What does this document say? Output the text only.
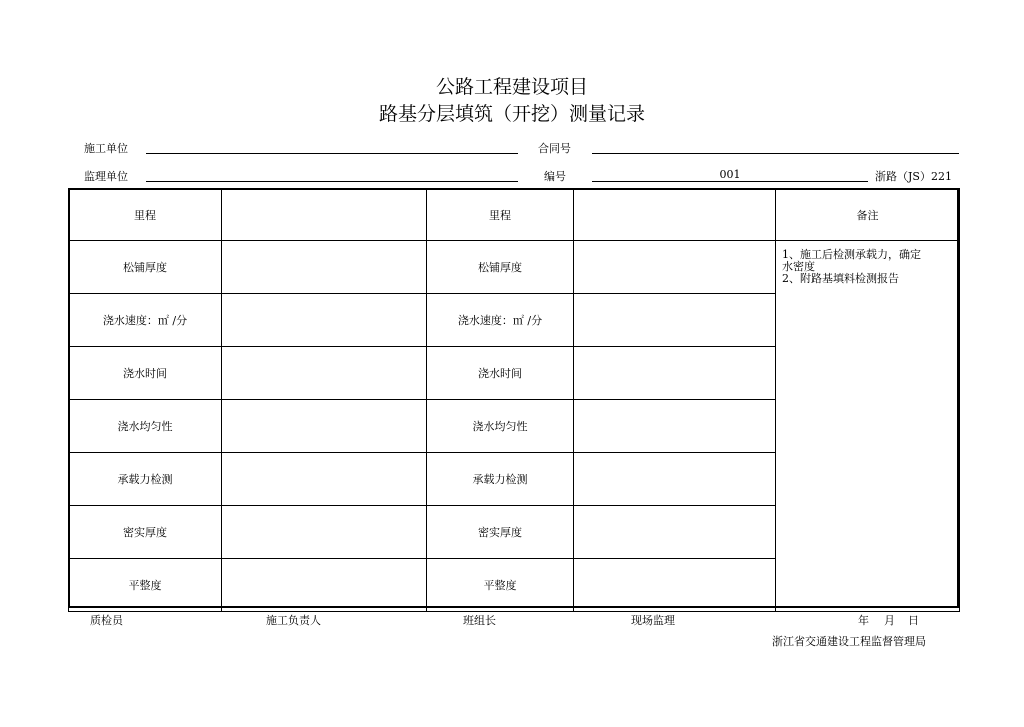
公路工程建设项目
路基分层填筑（开挖）测量记录
施工单位	合同号
监理单位	编号	001	浙路（JS）221
里程		里程		备注
松铺厚度		松铺厚度		1、施工后检测承载力，确定
水密度
2、附路基填料检测报告

浇水速度：㎡ /分		浇水速度：㎡ /分		
浇水时间		浇水时间		
浇水均匀性		浇水均匀性		
承载力检测		承载力检测		
密实厚度		密实厚度		
平整度		平整度		
质检员	施工负责人	班组长	现场监理	年 月 日
浙江省交通建设工程监督管理局
